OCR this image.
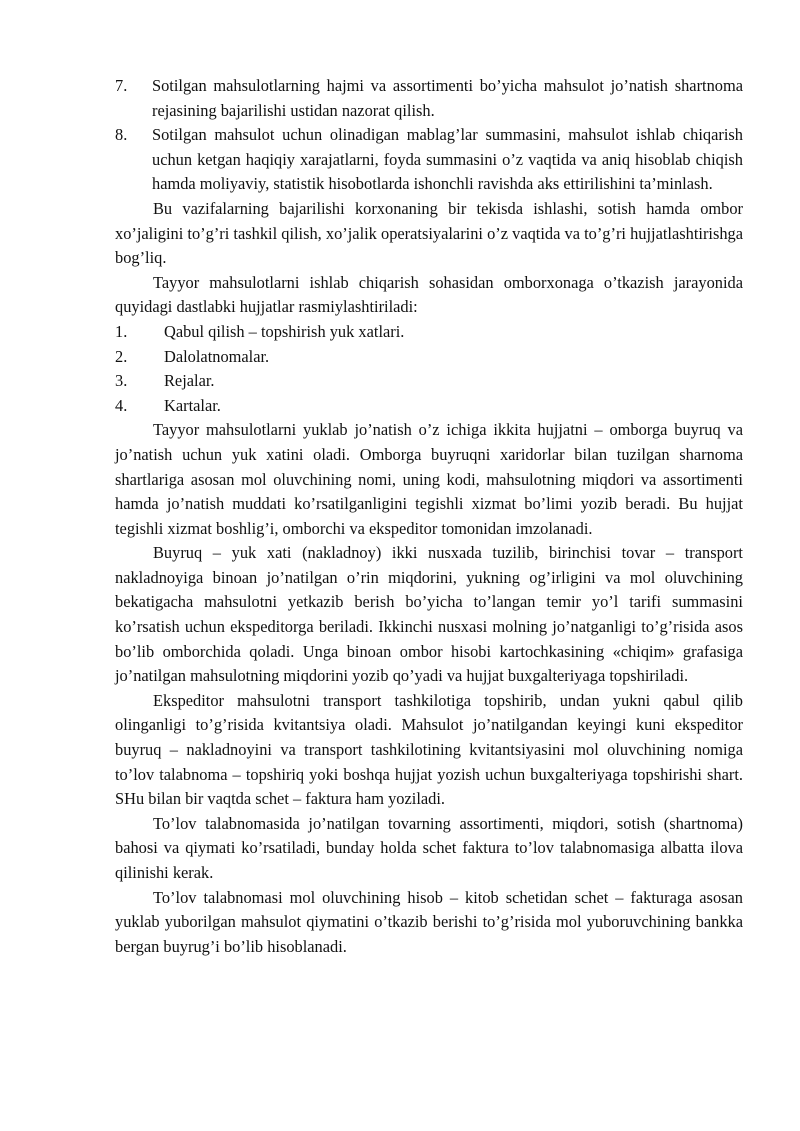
7. Sotilgan mahsulotlarning hajmi va assortimenti bo’yicha mahsulot jo’natish shartnoma rejasining bajarilishi ustidan nazorat qilish.
8. Sotilgan mahsulot uchun olinadigan mablag’lar summasini, mahsulot ishlab chiqarish uchun ketgan haqiqiy xarajatlarni, foyda summasini o’z vaqtida va aniq hisoblab chiqish hamda moliyaviy, statistik hisobotlarda ishonchli ravishda aks ettirilishini ta’minlash.

Bu vazifalarning bajarilishi korxonaning bir tekisda ishlashi, sotish hamda ombor xo’jaligini to’g’ri tashkil qilish, xo’jalik operatsiyalarini o’z vaqtida va to’g’ri hujjatlashtirishga bog’liq.

Tayyor mahsulotlarni ishlab chiqarish sohasidan omborxonaga o’tkazish jarayonida quyidagi dastlabki hujjatlar rasmiylashtiriladi:

1. Qabul qilish – topshirish yuk xatlari.
2. Dalolatnomalar.
3. Rejalar.
4. Kartalar.

Tayyor mahsulotlarni yuklab jo’natish o’z ichiga ikkita hujjatni – omborga buyruq va jo’natish uchun yuk xatini oladi. Omborga buyruqni xaridorlar bilan tuzilgan sharnoma shartlariga asosan mol oluvchining nomi, uning kodi, mahsulotning miqdori va assortimenti hamda jo’natish muddati ko’rsatilganligini tegishli xizmat bo’limi yozib beradi. Bu hujjat tegishli xizmat boshlig’i, omborchi va ekspeditor tomonidan imzolanadi.

Buyruq – yuk xati (nakladnoy) ikki nusxada tuzilib, birinchisi tovar – transport nakladnoyiga binoan jo’natilgan o’rin miqdorini, yukning og’irligini va mol oluvchining bekatigacha mahsulotni yetkazib berish bo’yicha to’langan temir yo’l tarifi summasini ko’rsatish uchun ekspeditorga beriladi. Ikkinchi nusxasi molning jo’natganligi to’g’risida asos bo’lib omborchida qoladi. Unga binoan ombor hisobi kartochkasining «chiqim» grafasiga jo’natilgan mahsulotning miqdorini yozib qo’yadi va hujjat buxgalteriyaga topshiriladi.

Ekspeditor mahsulotni transport tashkilotiga topshirib, undan yukni qabul qilib olinganligi to’g’risida kvitantsiya oladi. Mahsulot jo’natilgandan keyingi kuni ekspeditor buyruq – nakladnoyini va transport tashkilotining kvitantsiyasini mol oluvchining nomiga to’lov talabnoma – topshiriq yoki boshqa hujjat yozish uchun buxgalteriyaga topshirishi shart. SHu bilan bir vaqtda schet – faktura ham yoziladi.

To’lov talabnomasida jo’natilgan tovarning assortimenti, miqdori, sotish (shartnoma) bahosi va qiymati ko’rsatiladi, bunday holda schet faktura to’lov talabnomasiga albatta ilova qilinishi kerak.

To’lov talabnomasi mol oluvchining hisob – kitob schetidan schet – fakturaga asosan yuklab yuborilgan mahsulot qiymatini o’tkazib berishi to’g’risida mol yuboruvchining bankka bergan buyrug’i bo’lib hisoblanadi.
